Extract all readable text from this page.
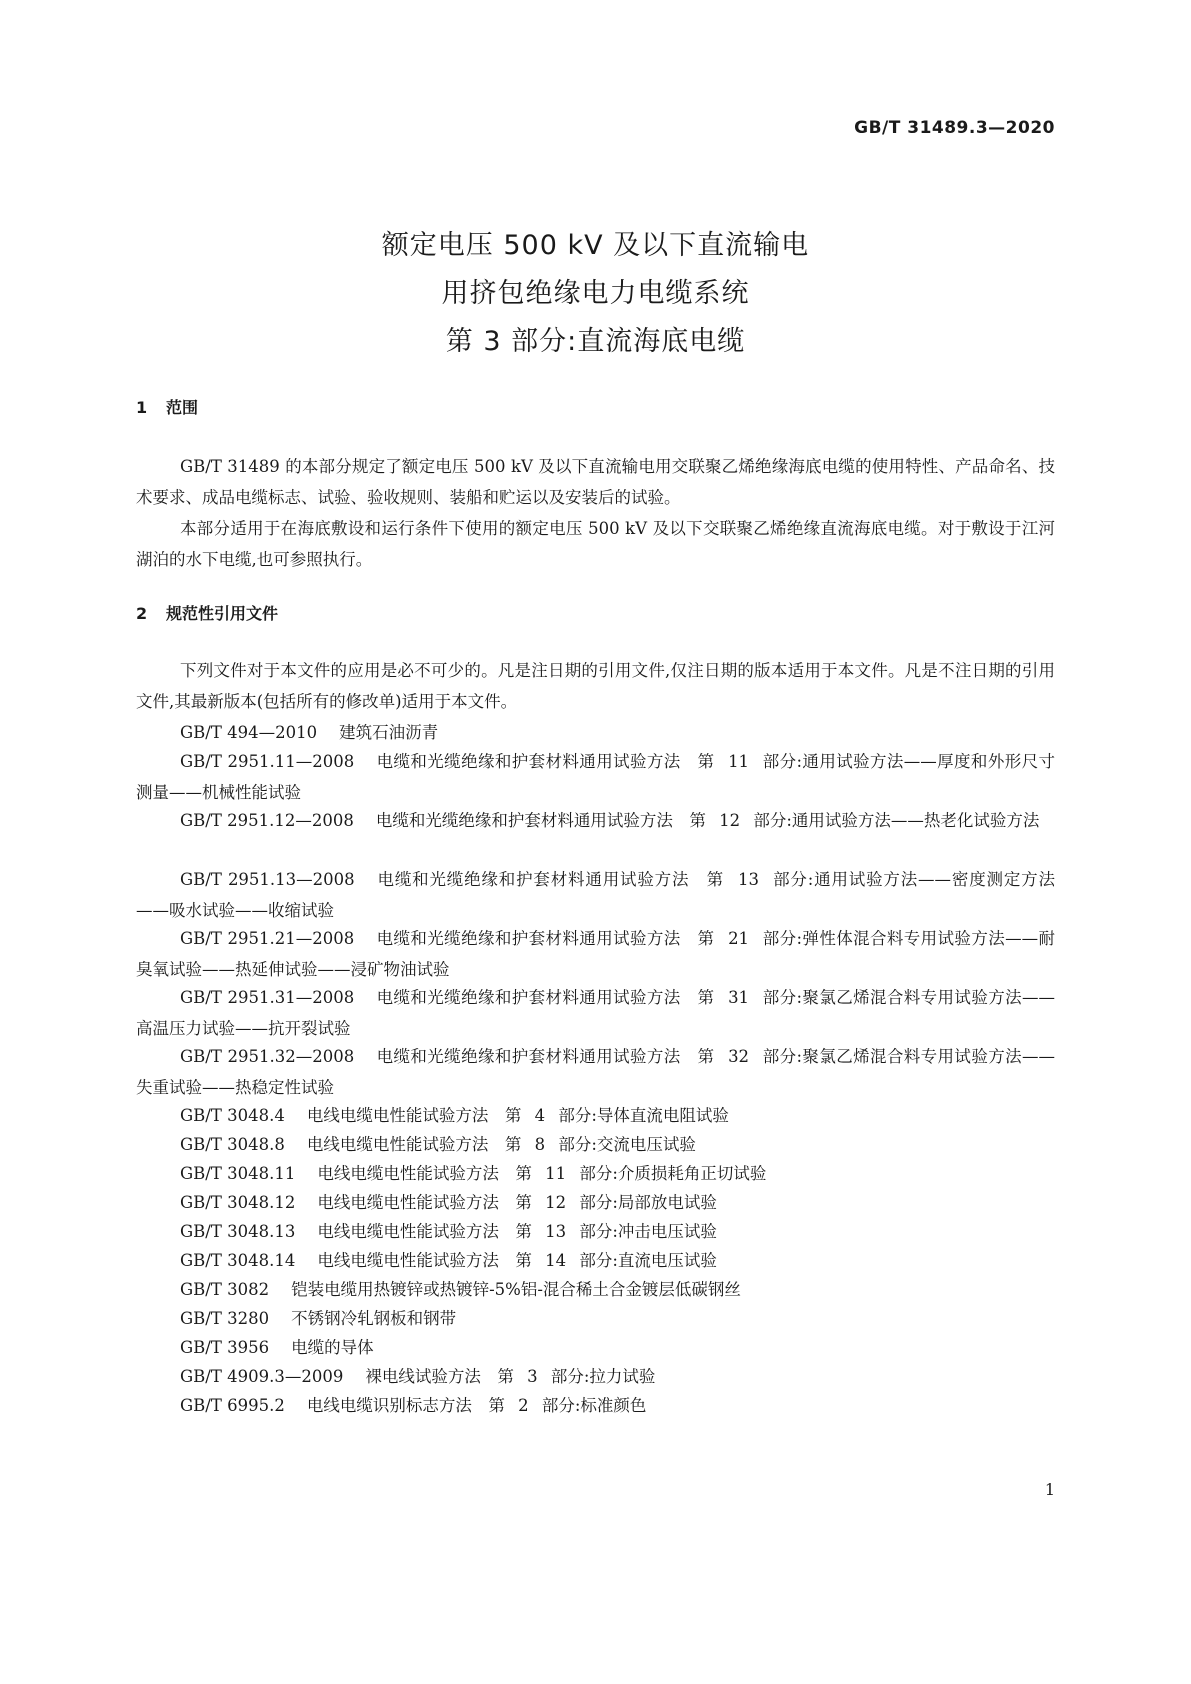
GB/T 31489.3—2020
额定电压 500 kV 及以下直流输电
用挤包绝缘电力电缆系统
第 3 部分:直流海底电缆
1 范围
GB/T 31489 的本部分规定了额定电压 500 kV 及以下直流输电用交联聚乙烯绝缘海底电缆的使用特性、产品命名、技术要求、成品电缆标志、试验、验收规则、装船和贮运以及安装后的试验。
本部分适用于在海底敷设和运行条件下使用的额定电压 500 kV 及以下交联聚乙烯绝缘直流海底电缆。对于敷设于江河湖泊的水下电缆,也可参照执行。
2 规范性引用文件
下列文件对于本文件的应用是必不可少的。凡是注日期的引用文件,仅注日期的版本适用于本文件。凡是不注日期的引用文件,其最新版本(包括所有的修改单)适用于本文件。
GB/T 494—2010 建筑石油沥青
GB/T 2951.11—2008 电缆和光缆绝缘和护套材料通用试验方法　第 11 部分:通用试验方法——厚度和外形尺寸测量——机械性能试验
GB/T 2951.12—2008 电缆和光缆绝缘和护套材料通用试验方法　第 12 部分:通用试验方法——热老化试验方法
GB/T 2951.13—2008 电缆和光缆绝缘和护套材料通用试验方法　第 13 部分:通用试验方法——密度测定方法——吸水试验——收缩试验
GB/T 2951.21—2008 电缆和光缆绝缘和护套材料通用试验方法　第 21 部分:弹性体混合料专用试验方法——耐臭氧试验——热延伸试验——浸矿物油试验
GB/T 2951.31—2008 电缆和光缆绝缘和护套材料通用试验方法　第 31 部分:聚氯乙烯混合料专用试验方法——高温压力试验——抗开裂试验
GB/T 2951.32—2008 电缆和光缆绝缘和护套材料通用试验方法　第 32 部分:聚氯乙烯混合料专用试验方法——失重试验——热稳定性试验
GB/T 3048.4 电线电缆电性能试验方法　第 4 部分:导体直流电阻试验
GB/T 3048.8 电线电缆电性能试验方法　第 8 部分:交流电压试验
GB/T 3048.11 电线电缆电性能试验方法　第 11 部分:介质损耗角正切试验
GB/T 3048.12 电线电缆电性能试验方法　第 12 部分:局部放电试验
GB/T 3048.13 电线电缆电性能试验方法　第 13 部分:冲击电压试验
GB/T 3048.14 电线电缆电性能试验方法　第 14 部分:直流电压试验
GB/T 3082 铠装电缆用热镀锌或热镀锌-5%铝-混合稀土合金镀层低碳钢丝
GB/T 3280 不锈钢冷轧钢板和钢带
GB/T 3956 电缆的导体
GB/T 4909.3—2009 裸电线试验方法　第 3 部分:拉力试验
GB/T 6995.2 电线电缆识别标志方法　第 2 部分:标准颜色
1
